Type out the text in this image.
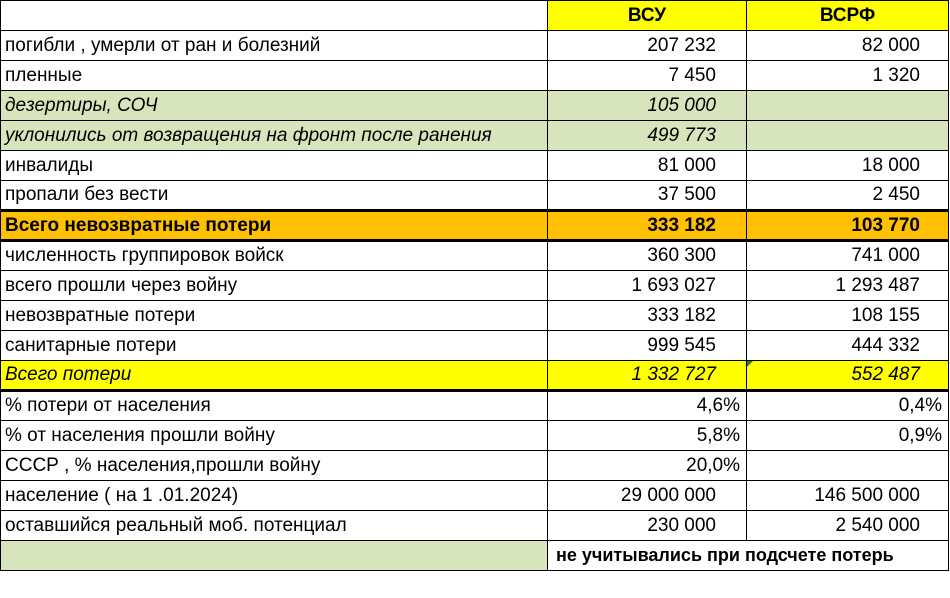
	ВСУ	ВСРФ
погибли , умерли от ран и болезний	207 232	82 000
пленные	7 450	1 320
дезертиры, СОЧ	105 000	
уклонились от возвращения на фронт после ранения	499 773	
инвалиды	81 000	18 000
пропали без вести	37 500	2 450
Всего невозвратные потери	333 182	103 770
численность группировок войск	360 300	741 000
всего прошли через войну	1 693 027	1 293 487
невозвратные потери	333 182	108 155
санитарные потери	999 545	444 332
Всего потери	1 332 727	552 487
% потери от населения	4,6%	0,4%
% от населения прошли войну	5,8%	0,9%
СССР , % населения,прошли войну	20,0%	
население ( на 1 .01.2024)	29 000 000	146 500 000
оставшийся реальный моб. потенциал	230 000	2 540 000
	не учитывались при подсчете потерь	
